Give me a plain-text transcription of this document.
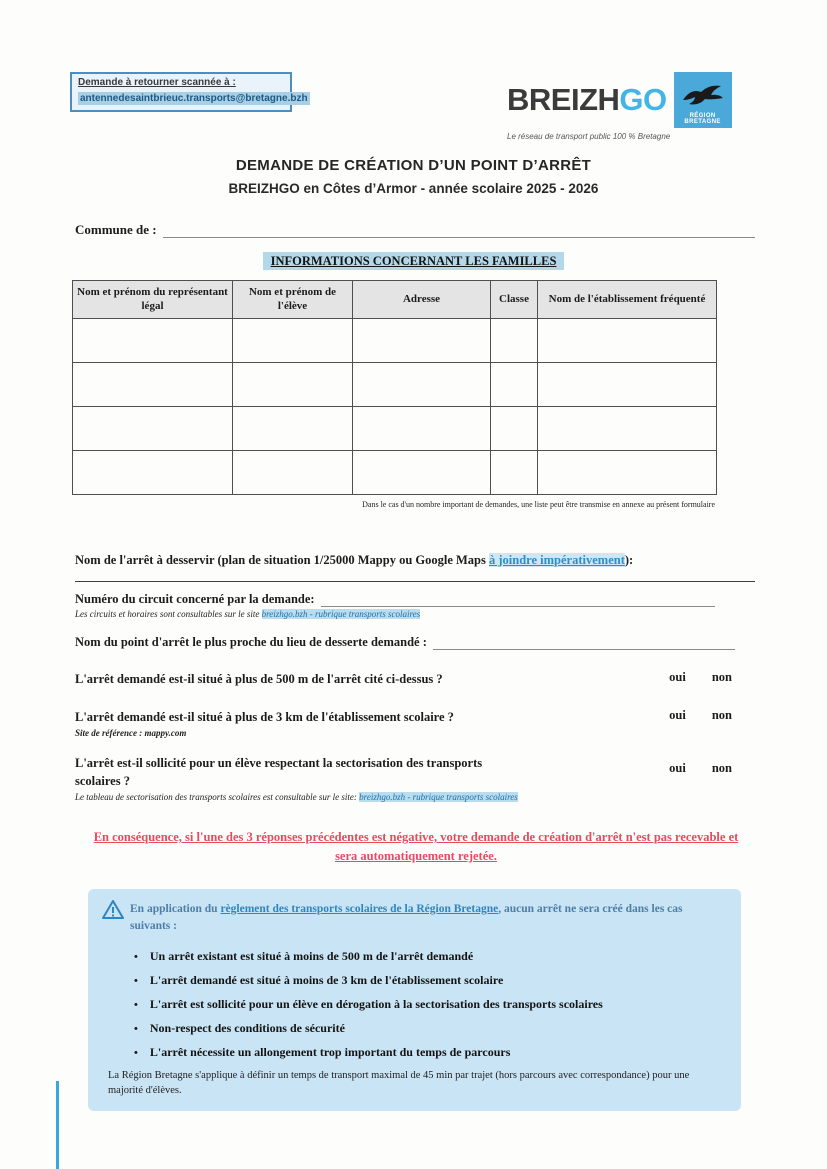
Demande à retourner scannée à :
antennedesaintbrieuc.transports@bretagne.bzh	BREIZHGO	RÉGION BRETAGNE
Le réseau de transport public 100 % Bretagne
DEMANDE DE CRÉATION D’UN POINT D’ARRÊT
BREIZHGO en Côtes d’Armor - année scolaire 2025 - 2026
Commune de :
INFORMATIONS CONCERNANT LES FAMILLES
Nom et prénom du représentant légal	Nom et prénom de l'élève	Adresse	Classe	Nom de l'établissement fréquenté

Dans le cas d'un nombre important de demandes, une liste peut être transmise en annexe au présent formulaire
Nom de l'arrêt à desservir (plan de situation 1/25000 Mappy ou Google Maps à joindre impérativement):
Numéro du circuit concerné par la demande:
Les circuits et horaires sont consultables sur le site breizhgo.bzh - rubrique transports scolaires
Nom du point d'arrêt le plus proche du lieu de desserte demandé :
L'arrêt demandé est-il situé à plus de 500 m de l'arrêt cité ci-dessus ?	oui non
L'arrêt demandé est-il situé à plus de 3 km de l'établissement scolaire ?	oui non
Site de référence : mappy.com
L'arrêt est-il sollicité pour un élève respectant la sectorisation des transports scolaires ?
oui non
Le tableau de sectorisation des transports scolaires est consultable sur le site: breizhgo.bzh - rubrique transports scolaires
En conséquence, si l'une des 3 réponses précédentes est négative, votre demande de création d'arrêt n'est pas recevable et sera automatiquement rejetée.
En application du règlement des transports scolaires de la Région Bretagne, aucun arrêt ne sera créé dans les cas suivants :
• Un arrêt existant est situé à moins de 500 m de l'arrêt demandé
• L'arrêt demandé est situé à moins de 3 km de l'établissement scolaire
• L'arrêt est sollicité pour un élève en dérogation à la sectorisation des transports scolaires
• Non-respect des conditions de sécurité
• L'arrêt nécessite un allongement trop important du temps de parcours
La Région Bretagne s'applique à définir un temps de transport maximal de 45 min par trajet (hors parcours avec correspondance) pour une majorité d'élèves.
